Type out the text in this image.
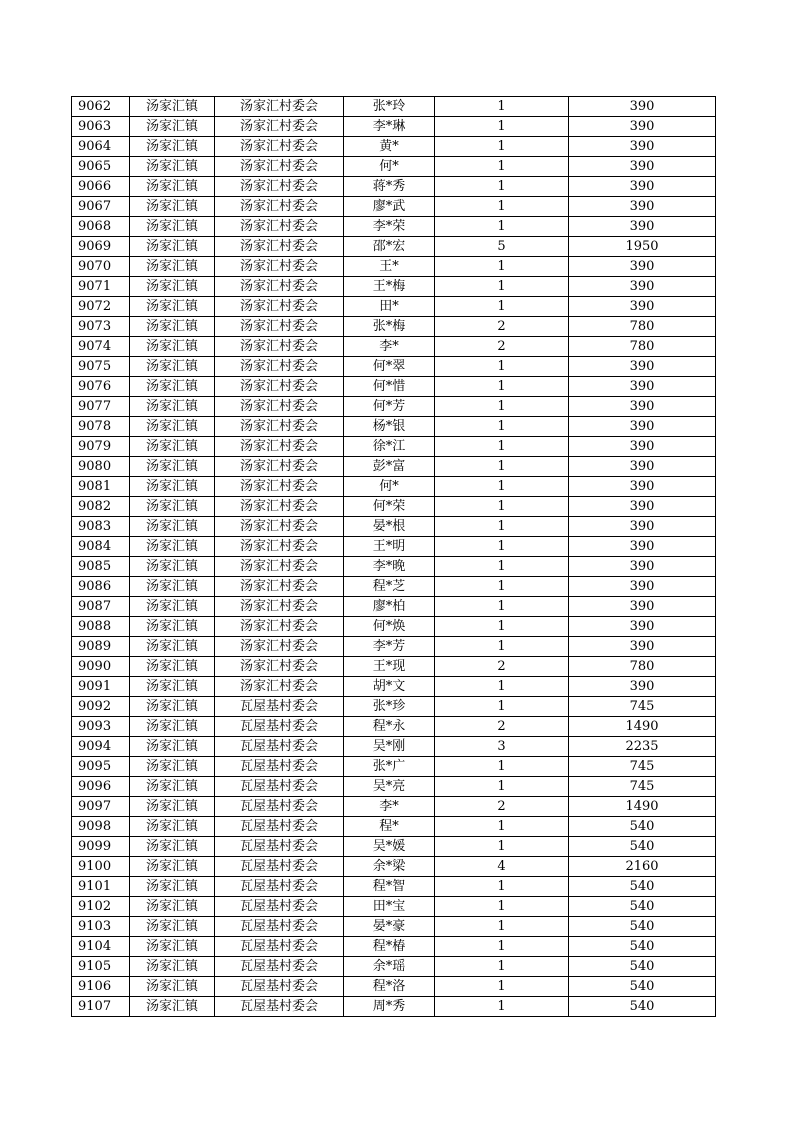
9062	汤家汇镇	汤家汇村委会	张*玲	1	390
9063	汤家汇镇	汤家汇村委会	李*琳	1	390
9064	汤家汇镇	汤家汇村委会	黄*	1	390
9065	汤家汇镇	汤家汇村委会	何*	1	390
9066	汤家汇镇	汤家汇村委会	蒋*秀	1	390
9067	汤家汇镇	汤家汇村委会	廖*武	1	390
9068	汤家汇镇	汤家汇村委会	李*荣	1	390
9069	汤家汇镇	汤家汇村委会	邵*宏	5	1950
9070	汤家汇镇	汤家汇村委会	王*	1	390
9071	汤家汇镇	汤家汇村委会	王*梅	1	390
9072	汤家汇镇	汤家汇村委会	田*	1	390
9073	汤家汇镇	汤家汇村委会	张*梅	2	780
9074	汤家汇镇	汤家汇村委会	李*	2	780
9075	汤家汇镇	汤家汇村委会	何*翠	1	390
9076	汤家汇镇	汤家汇村委会	何*惜	1	390
9077	汤家汇镇	汤家汇村委会	何*芳	1	390
9078	汤家汇镇	汤家汇村委会	杨*银	1	390
9079	汤家汇镇	汤家汇村委会	徐*江	1	390
9080	汤家汇镇	汤家汇村委会	彭*富	1	390
9081	汤家汇镇	汤家汇村委会	何*	1	390
9082	汤家汇镇	汤家汇村委会	何*荣	1	390
9083	汤家汇镇	汤家汇村委会	晏*根	1	390
9084	汤家汇镇	汤家汇村委会	王*明	1	390
9085	汤家汇镇	汤家汇村委会	李*晚	1	390
9086	汤家汇镇	汤家汇村委会	程*芝	1	390
9087	汤家汇镇	汤家汇村委会	廖*柏	1	390
9088	汤家汇镇	汤家汇村委会	何*焕	1	390
9089	汤家汇镇	汤家汇村委会	李*芳	1	390
9090	汤家汇镇	汤家汇村委会	王*现	2	780
9091	汤家汇镇	汤家汇村委会	胡*文	1	390
9092	汤家汇镇	瓦屋基村委会	张*珍	1	745
9093	汤家汇镇	瓦屋基村委会	程*永	2	1490
9094	汤家汇镇	瓦屋基村委会	吴*刚	3	2235
9095	汤家汇镇	瓦屋基村委会	张*广	1	745
9096	汤家汇镇	瓦屋基村委会	吴*亮	1	745
9097	汤家汇镇	瓦屋基村委会	李*	2	1490
9098	汤家汇镇	瓦屋基村委会	程*	1	540
9099	汤家汇镇	瓦屋基村委会	吴*媛	1	540
9100	汤家汇镇	瓦屋基村委会	余*梁	4	2160
9101	汤家汇镇	瓦屋基村委会	程*智	1	540
9102	汤家汇镇	瓦屋基村委会	田*宝	1	540
9103	汤家汇镇	瓦屋基村委会	晏*豪	1	540
9104	汤家汇镇	瓦屋基村委会	程*椿	1	540
9105	汤家汇镇	瓦屋基村委会	余*瑶	1	540
9106	汤家汇镇	瓦屋基村委会	程*洛	1	540
9107	汤家汇镇	瓦屋基村委会	周*秀	1	540
